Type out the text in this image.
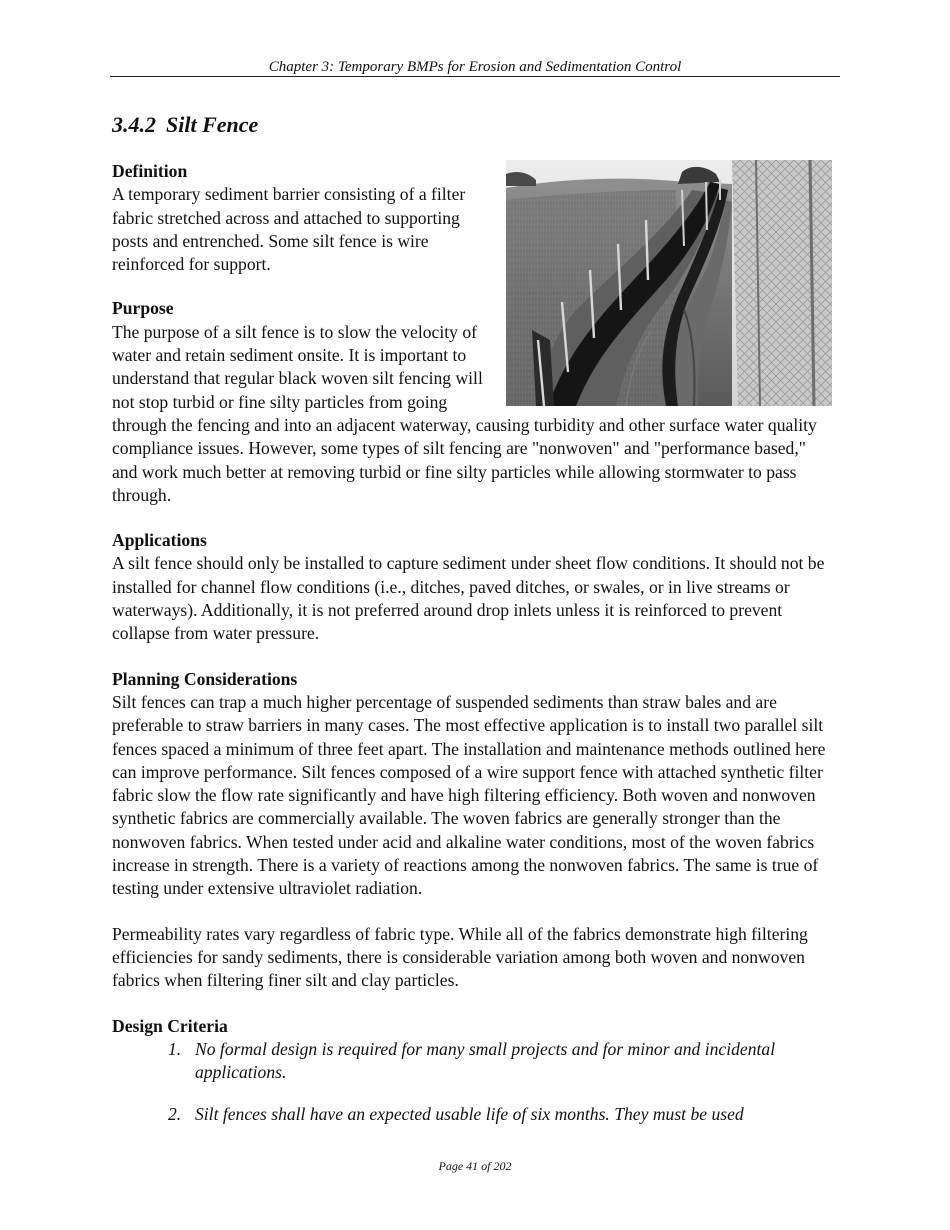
Chapter 3: Temporary BMPs for Erosion and Sedimentation Control
3.4.2 Silt Fence

Definition

A temporary sediment barrier consisting of a filter fabric stretched across and attached to supporting posts and entrenched. Some silt fence is wire reinforced for support.

Purpose

The purpose of a silt fence is to slow the velocity of water and retain sediment onsite. It is important to understand that regular black woven silt fencing will not stop turbid or fine silty particles from going through the fencing and into an adjacent waterway, causing turbidity and other surface water quality compliance issues. However, some types of silt fencing are "nonwoven" and "performance based," and work much better at removing turbid or fine silty particles while allowing stormwater to pass through.

Applications

A silt fence should only be installed to capture sediment under sheet flow conditions. It should not be installed for channel flow conditions (i.e., ditches, paved ditches, or swales, or in live streams or waterways). Additionally, it is not preferred around drop inlets unless it is reinforced to prevent collapse from water pressure.

Planning Considerations

Silt fences can trap a much higher percentage of suspended sediments than straw bales and are preferable to straw barriers in many cases. The most effective application is to install two parallel silt fences spaced a minimum of three feet apart. The installation and maintenance methods outlined here can improve performance. Silt fences composed of a wire support fence with attached synthetic filter fabric slow the flow rate significantly and have high filtering efficiency. Both woven and nonwoven synthetic fabrics are commercially available. The woven fabrics are generally stronger than the nonwoven fabrics. When tested under acid and alkaline water conditions, most of the woven fabrics increase in strength. There is a variety of reactions among the nonwoven fabrics. The same is true of testing under extensive ultraviolet radiation.

Permeability rates vary regardless of fabric type. While all of the fabrics demonstrate high filtering efficiencies for sandy sediments, there is considerable variation among both woven and nonwoven fabrics when filtering finer silt and clay particles.

Design Criteria

1. No formal design is required for many small projects and for minor and incidental applications.
2. Silt fences shall have an expected usable life of six months. They must be used
Page 41 of 202
